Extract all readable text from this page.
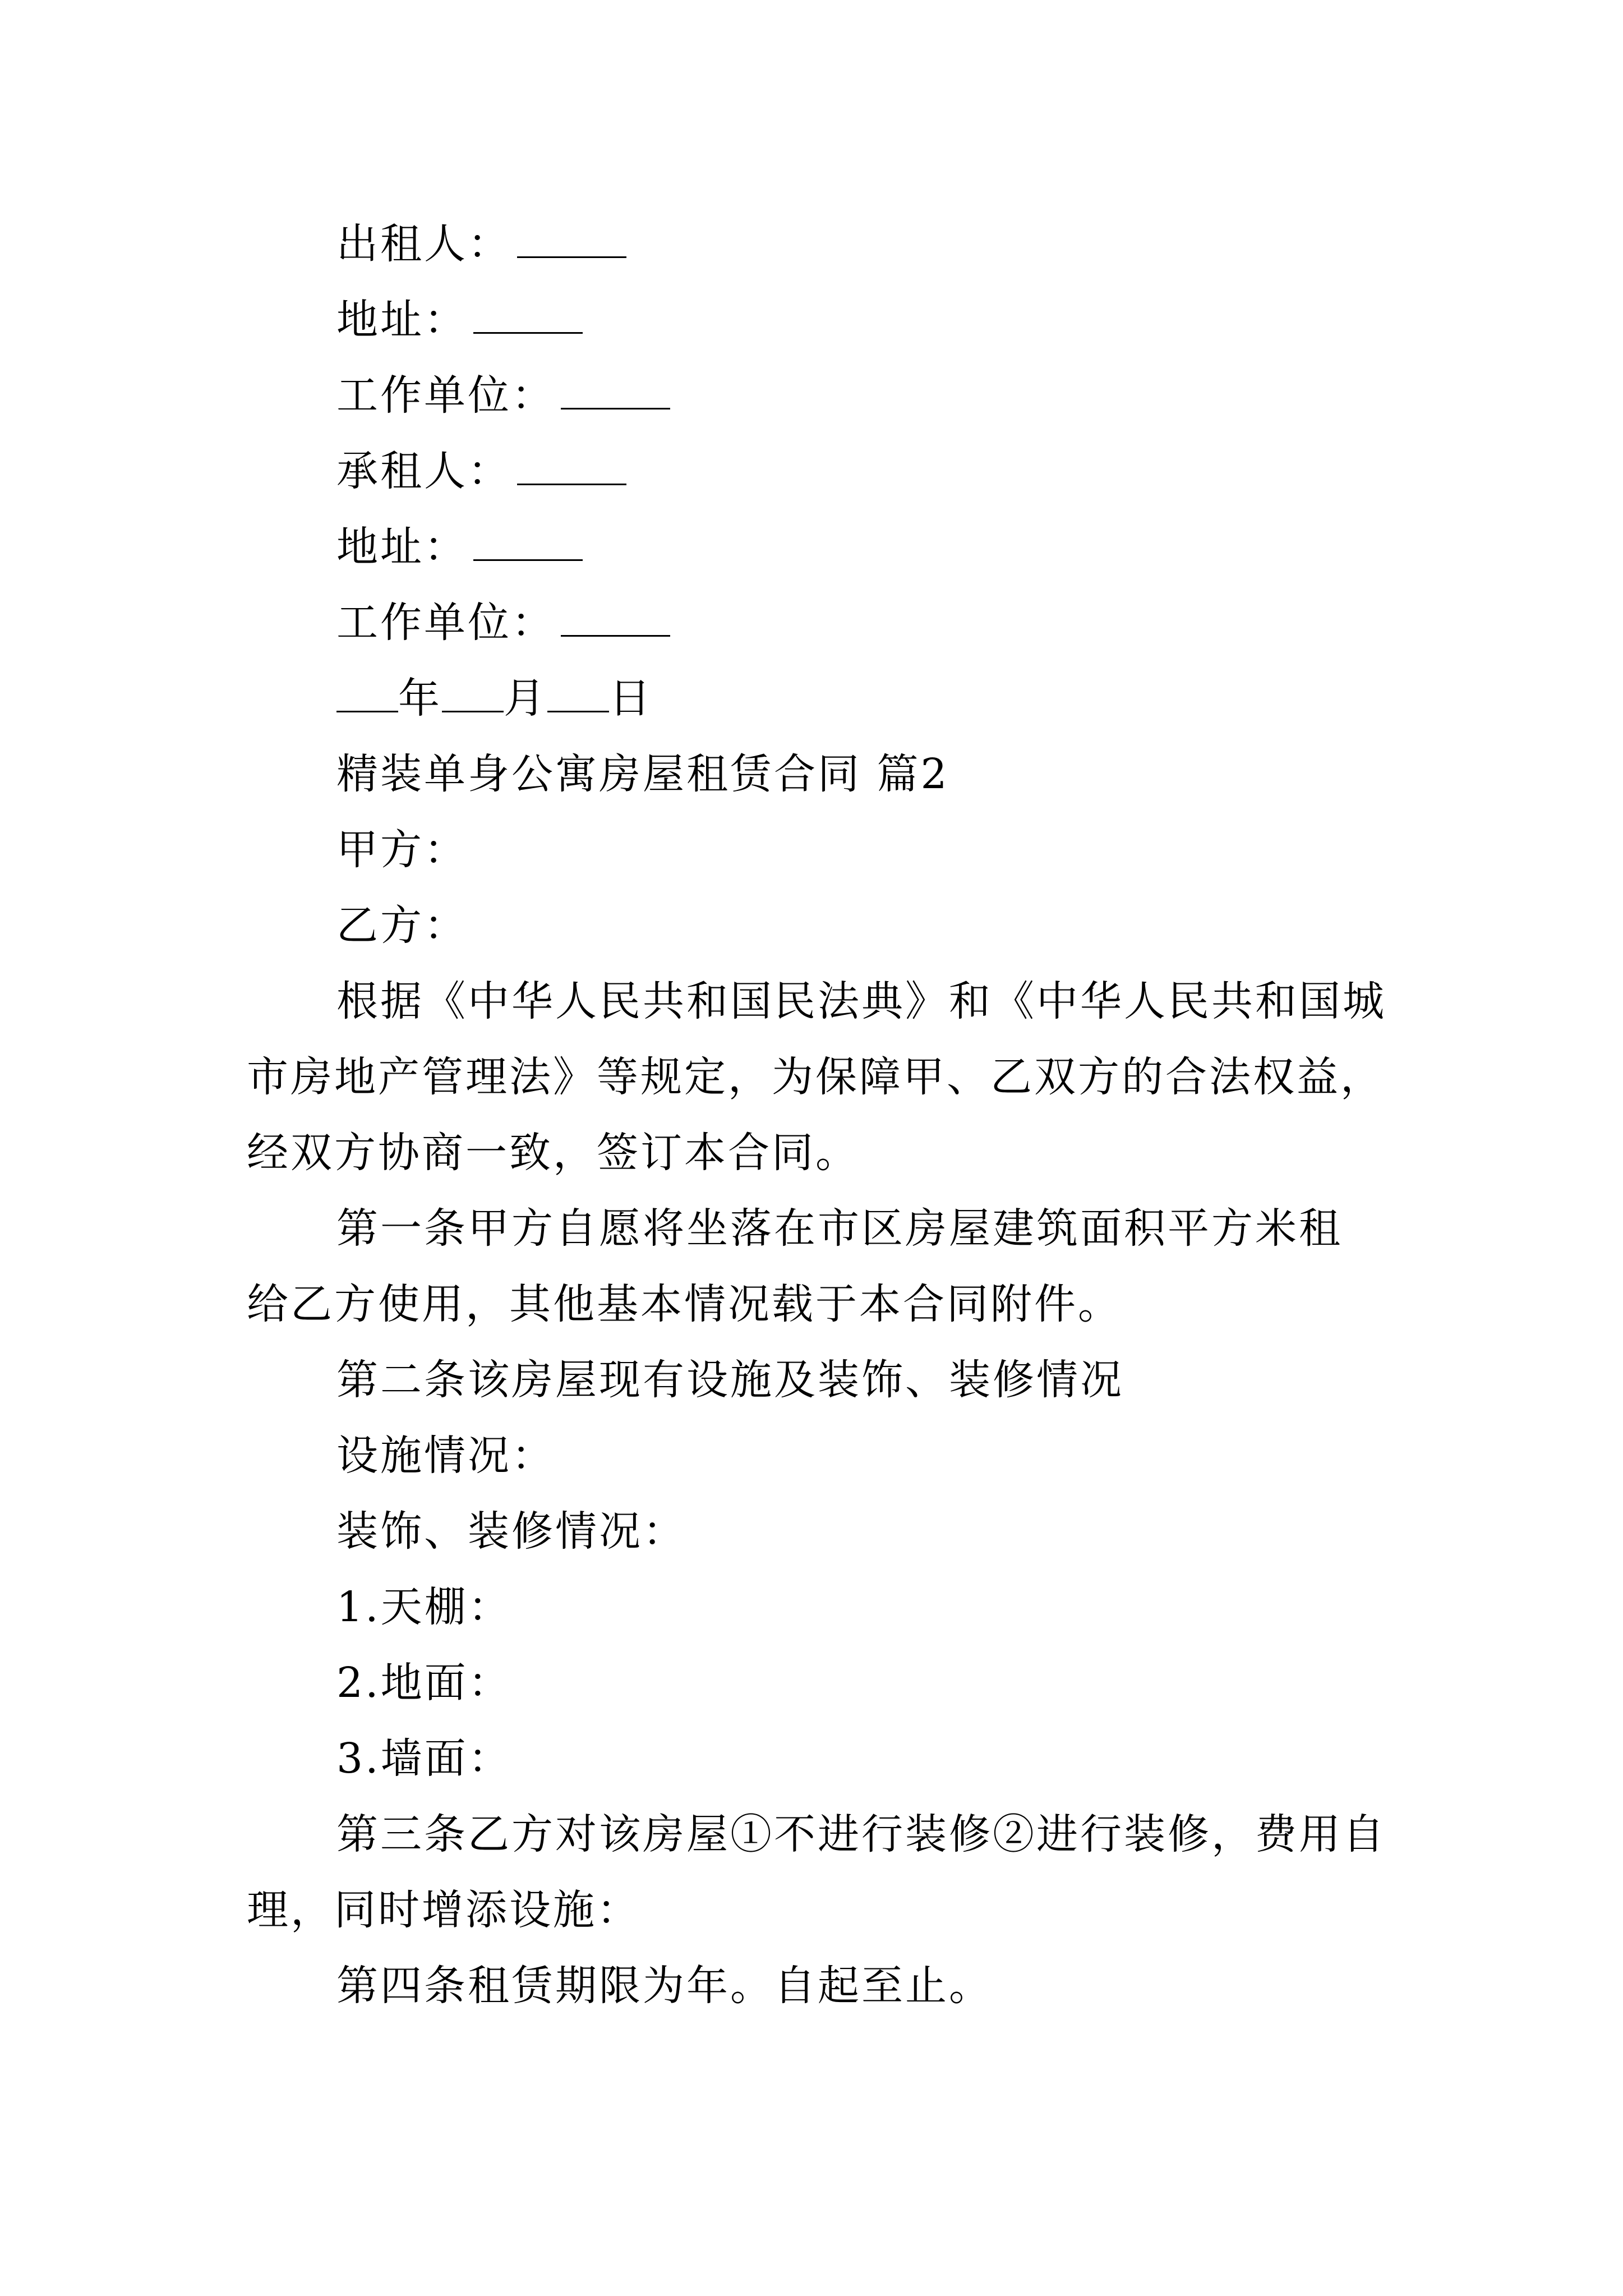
出租人：
地址：
工作单位：
承租人：
地址：
工作单位：
年 月 日
精装单身公寓房屋租赁合同 篇2
甲方：
乙方：
根据《中华人民共和国民法典》和《中华人民共和国城
市房地产管理法》等规定，为保障甲、乙双方的合法权益，
经双方协商一致，签订本合同。
第一条甲方自愿将坐落在市区房屋建筑面积平方米租
给乙方使用，其他基本情况载于本合同附件。
第二条该房屋现有设施及装饰、装修情况
设施情况：
装饰、装修情况：
1.天棚：
2.地面：
3.墙面：
第三条乙方对该房屋①不进行装修②进行装修，费用自
理，同时增添设施：
第四条租赁期限为年。自起至止。
